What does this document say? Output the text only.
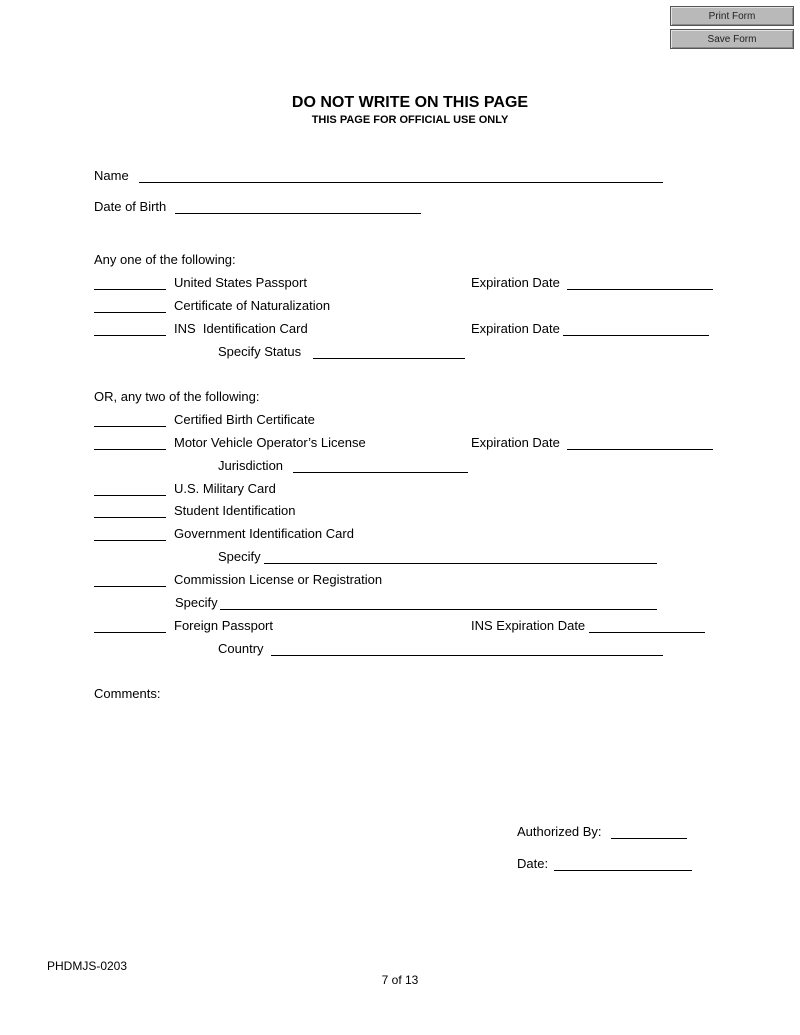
Print Form
Save Form
DO NOT WRITE ON THIS PAGE
THIS PAGE FOR OFFICIAL USE ONLY
Name
Date of Birth
Any one of the following:
United States Passport	Expiration Date
Certificate of Naturalization
INS  Identification Card	Expiration Date
Specify Status
OR, any two of the following:
Certified Birth Certificate
Motor Vehicle Operator’s License	Expiration Date
Jurisdiction
U.S. Military Card
Student Identification
Government Identification Card
Specify
Commission License or Registration
Specify
Foreign Passport	INS Expiration Date
Country
Comments:
Authorized By:
Date:
PHDMJS-0203
7 of 13
